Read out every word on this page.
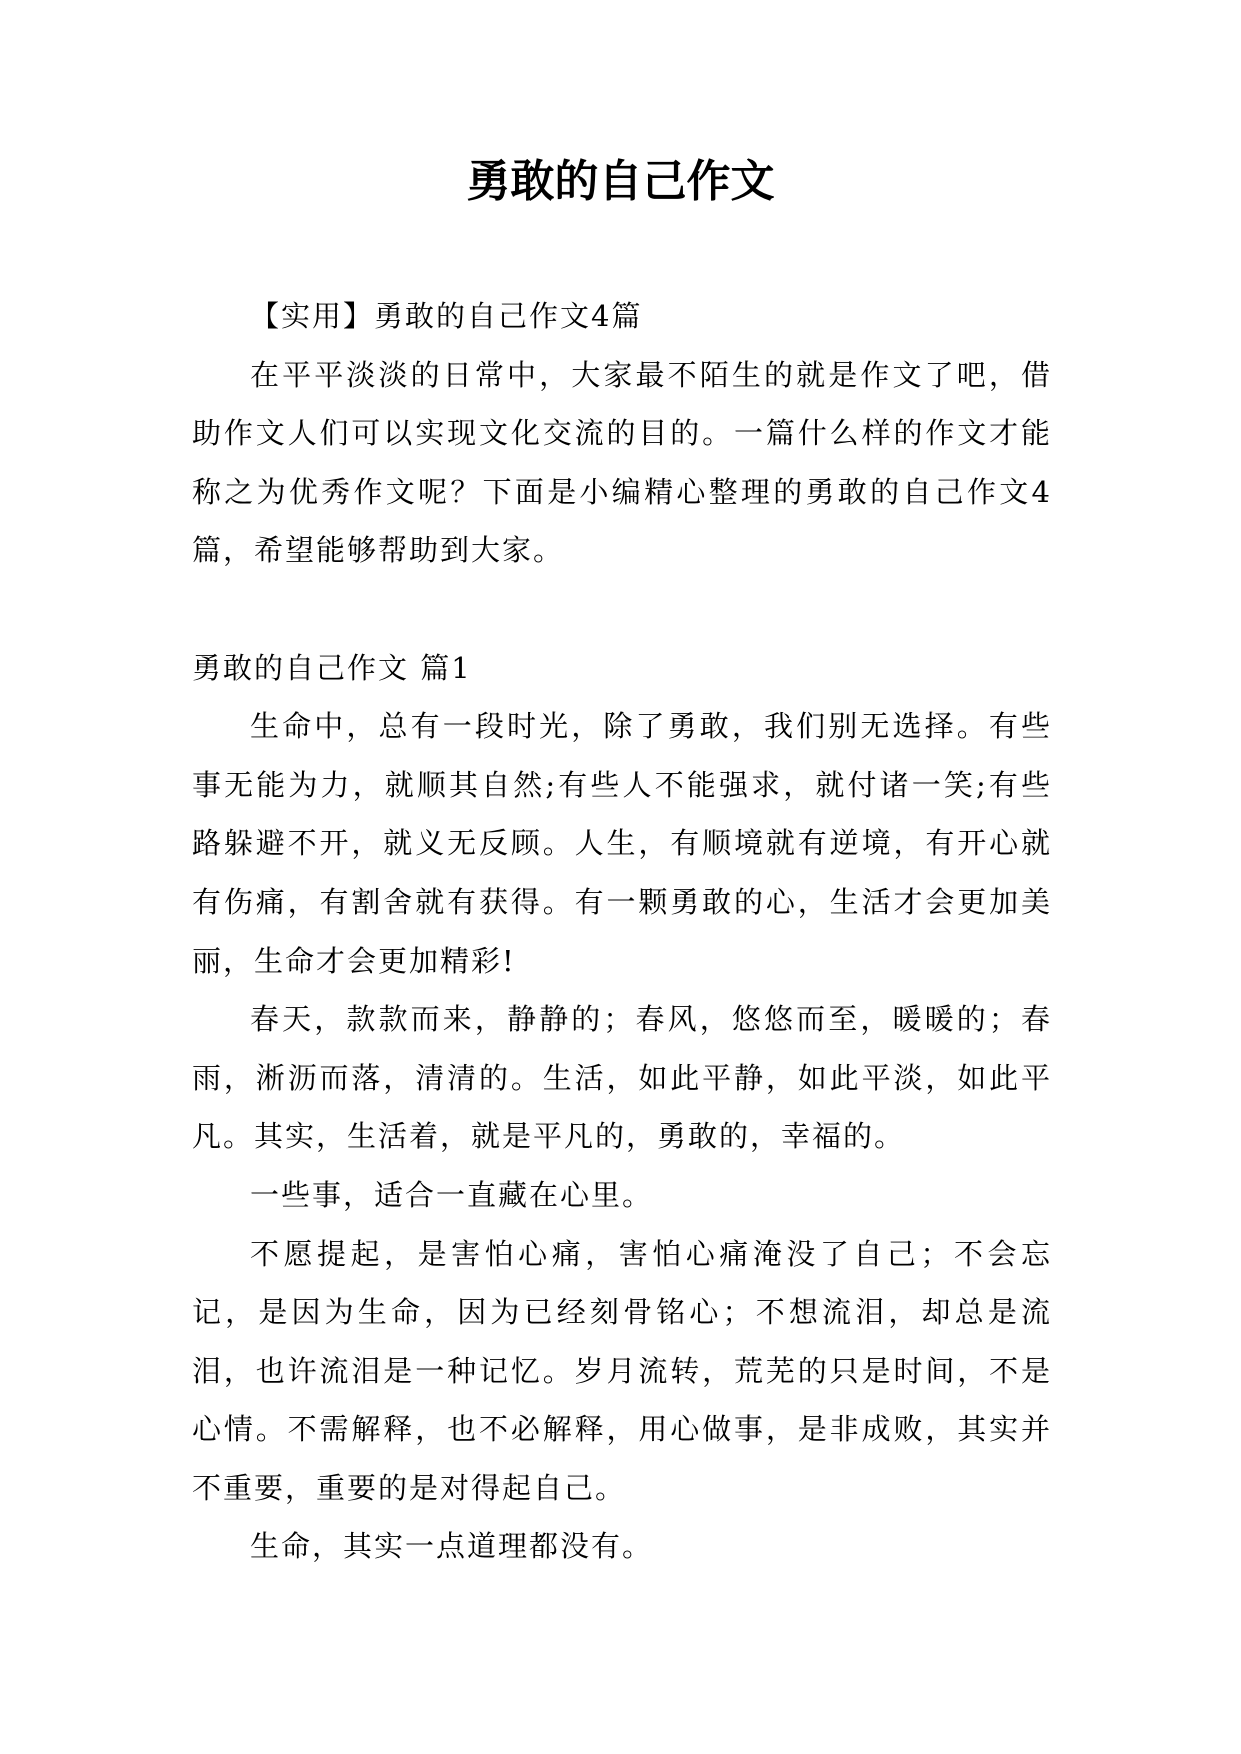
勇敢的自己作文

【实用】勇敢的自己作文4篇

在平平淡淡的日常中，大家最不陌生的就是作文了吧，借助作文人们可以实现文化交流的目的。一篇什么样的作文才能称之为优秀作文呢？下面是小编精心整理的勇敢的自己作文4篇，希望能够帮助到大家。

勇敢的自己作文 篇1

生命中，总有一段时光，除了勇敢，我们别无选择。有些事无能为力，就顺其自然;有些人不能强求，就付诸一笑;有些路躲避不开，就义无反顾。人生，有顺境就有逆境，有开心就有伤痛，有割舍就有获得。有一颗勇敢的心，生活才会更加美丽，生命才会更加精彩!

春天，款款而来，静静的；春风，悠悠而至，暖暖的；春雨，淅沥而落，清清的。生活，如此平静，如此平淡，如此平凡。其实，生活着，就是平凡的，勇敢的，幸福的。

一些事，适合一直藏在心里。

不愿提起，是害怕心痛，害怕心痛淹没了自己；不会忘记，是因为生命，因为已经刻骨铭心；不想流泪，却总是流泪，也许流泪是一种记忆。岁月流转，荒芜的只是时间，不是心情。不需解释，也不必解释，用心做事，是非成败，其实并不重要，重要的是对得起自己。

生命，其实一点道理都没有。
